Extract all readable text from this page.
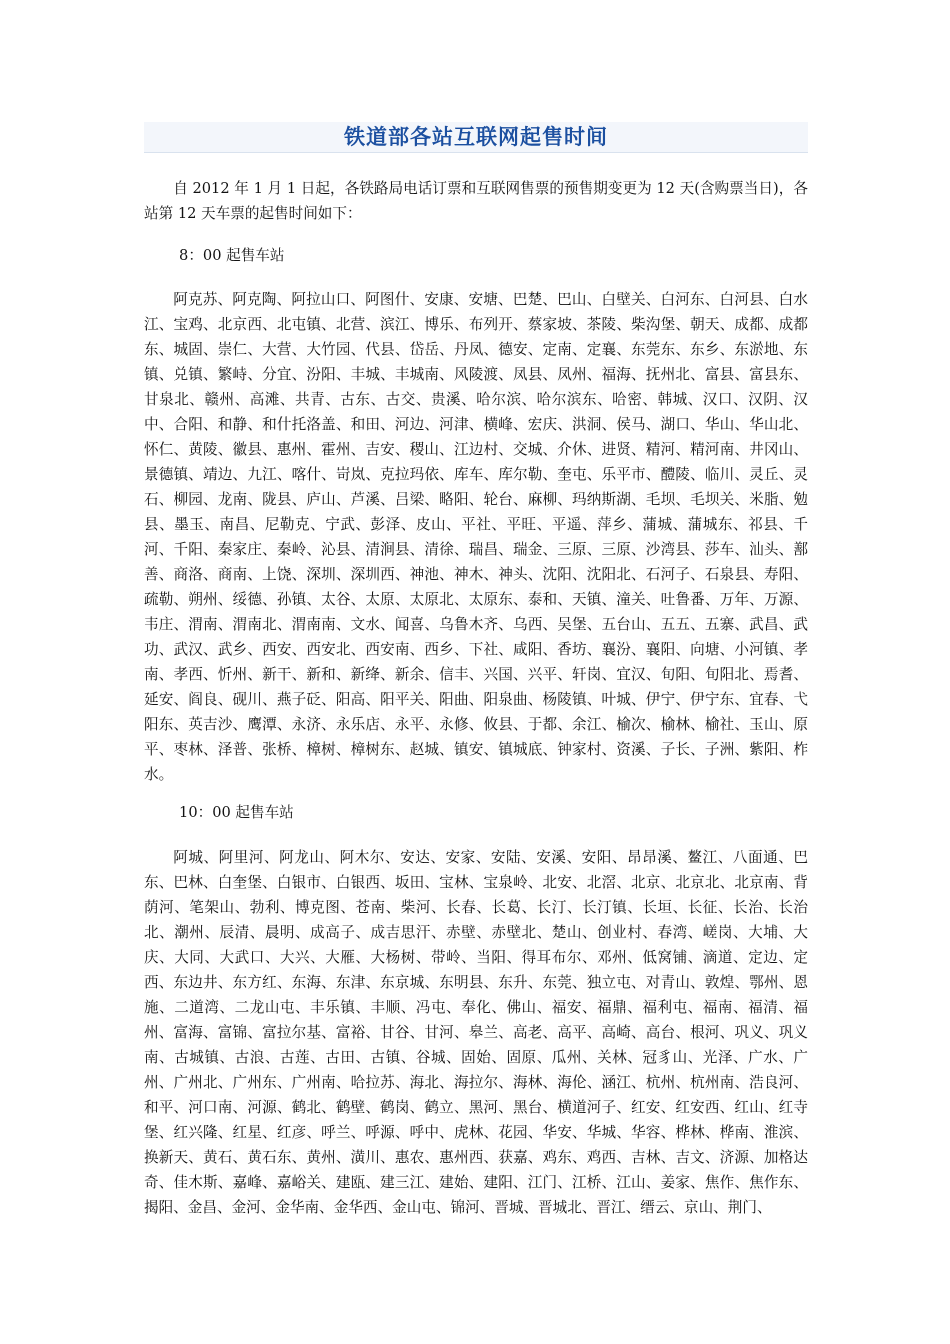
铁道部各站互联网起售时间

自 2012 年 1 月 1 日起，各铁路局电话订票和互联网售票的预售期变更为 12 天(含购票当日)，各站第 12 天车票的起售时间如下：

8：00 起售车站

阿克苏、阿克陶、阿拉山口、阿图什、安康、安塘、巴楚、巴山、白壁关、白河东、白河县、白水江、宝鸡、北京西、北屯镇、北营、滨江、博乐、布列开、蔡家坡、茶陵、柴沟堡、朝天、成都、成都东、城固、崇仁、大营、大竹园、代县、岱岳、丹凤、德安、定南、定襄、东莞东、东乡、东淤地、东镇、兑镇、繁峙、分宜、汾阳、丰城、丰城南、风陵渡、凤县、凤州、福海、抚州北、富县、富县东、甘泉北、赣州、高滩、共青、古东、古交、贵溪、哈尔滨、哈尔滨东、哈密、韩城、汉口、汉阴、汉中、合阳、和静、和什托洛盖、和田、河边、河津、横峰、宏庆、洪洞、侯马、湖口、华山、华山北、怀仁、黄陵、徽县、惠州、霍州、吉安、稷山、江边村、交城、介休、进贤、精河、精河南、井冈山、景德镇、靖边、九江、喀什、岢岚、克拉玛依、库车、库尔勒、奎屯、乐平市、醴陵、临川、灵丘、灵石、柳园、龙南、陇县、庐山、芦溪、吕梁、略阳、轮台、麻柳、玛纳斯湖、毛坝、毛坝关、米脂、勉县、墨玉、南昌、尼勒克、宁武、彭泽、皮山、平社、平旺、平遥、萍乡、蒲城、蒲城东、祁县、千河、千阳、秦家庄、秦岭、沁县、清涧县、清徐、瑞昌、瑞金、三原、三原、沙湾县、莎车、汕头、鄯善、商洛、商南、上饶、深圳、深圳西、神池、神木、神头、沈阳、沈阳北、石河子、石泉县、寿阳、疏勒、朔州、绥德、孙镇、太谷、太原、太原北、太原东、泰和、天镇、潼关、吐鲁番、万年、万源、韦庄、渭南、渭南北、渭南南、文水、闻喜、乌鲁木齐、乌西、吴堡、五台山、五五、五寨、武昌、武功、武汉、武乡、西安、西安北、西安南、西乡、下社、咸阳、香坊、襄汾、襄阳、向塘、小河镇、孝南、孝西、忻州、新干、新和、新绛、新余、信丰、兴国、兴平、轩岗、宜汉、旬阳、旬阳北、焉耆、延安、阎良、砚川、燕子砭、阳高、阳平关、阳曲、阳泉曲、杨陵镇、叶城、伊宁、伊宁东、宜春、弋阳东、英吉沙、鹰潭、永济、永乐店、永平、永修、攸县、于都、余江、榆次、榆林、榆社、玉山、原平、枣林、泽普、张桥、樟树、樟树东、赵城、镇安、镇城底、钟家村、资溪、子长、子洲、紫阳、柞水。

10：00 起售车站

阿城、阿里河、阿龙山、阿木尔、安达、安家、安陆、安溪、安阳、昂昂溪、鳌江、八面通、巴东、巴林、白奎堡、白银市、白银西、坂田、宝林、宝泉岭、北安、北滘、北京、北京北、北京南、背荫河、笔架山、勃利、博克图、苍南、柴河、长春、长葛、长汀、长汀镇、长垣、长征、长治、长治北、潮州、辰清、晨明、成高子、成吉思汗、赤壁、赤壁北、楚山、创业村、春湾、嵯岗、大埔、大庆、大同、大武口、大兴、大雁、大杨树、带岭、当阳、得耳布尔、邓州、低窝铺、滴道、定边、定西、东边井、东方红、东海、东津、东京城、东明县、东升、东莞、独立屯、对青山、敦煌、鄂州、恩施、二道湾、二龙山屯、丰乐镇、丰顺、冯屯、奉化、佛山、福安、福鼎、福利屯、福南、福清、福州、富海、富锦、富拉尔基、富裕、甘谷、甘河、皋兰、高老、高平、高崎、高台、根河、巩义、巩义南、古城镇、古浪、古莲、古田、古镇、谷城、固始、固原、瓜州、关林、冠豸山、光泽、广水、广州、广州北、广州东、广州南、哈拉苏、海北、海拉尔、海林、海伦、涵江、杭州、杭州南、浩良河、和平、河口南、河源、鹤北、鹤壁、鹤岗、鹤立、黑河、黑台、横道河子、红安、红安西、红山、红寺堡、红兴隆、红星、红彦、呼兰、呼源、呼中、虎林、花园、华安、华城、华容、桦林、桦南、淮滨、换新天、黄石、黄石东、黄州、潢川、惠农、惠州西、获嘉、鸡东、鸡西、吉林、吉文、济源、加格达奇、佳木斯、嘉峰、嘉峪关、建瓯、建三江、建始、建阳、江门、江桥、江山、姜家、焦作、焦作东、揭阳、金昌、金河、金华南、金华西、金山屯、锦河、晋城、晋城北、晋江、缙云、京山、荆门、
